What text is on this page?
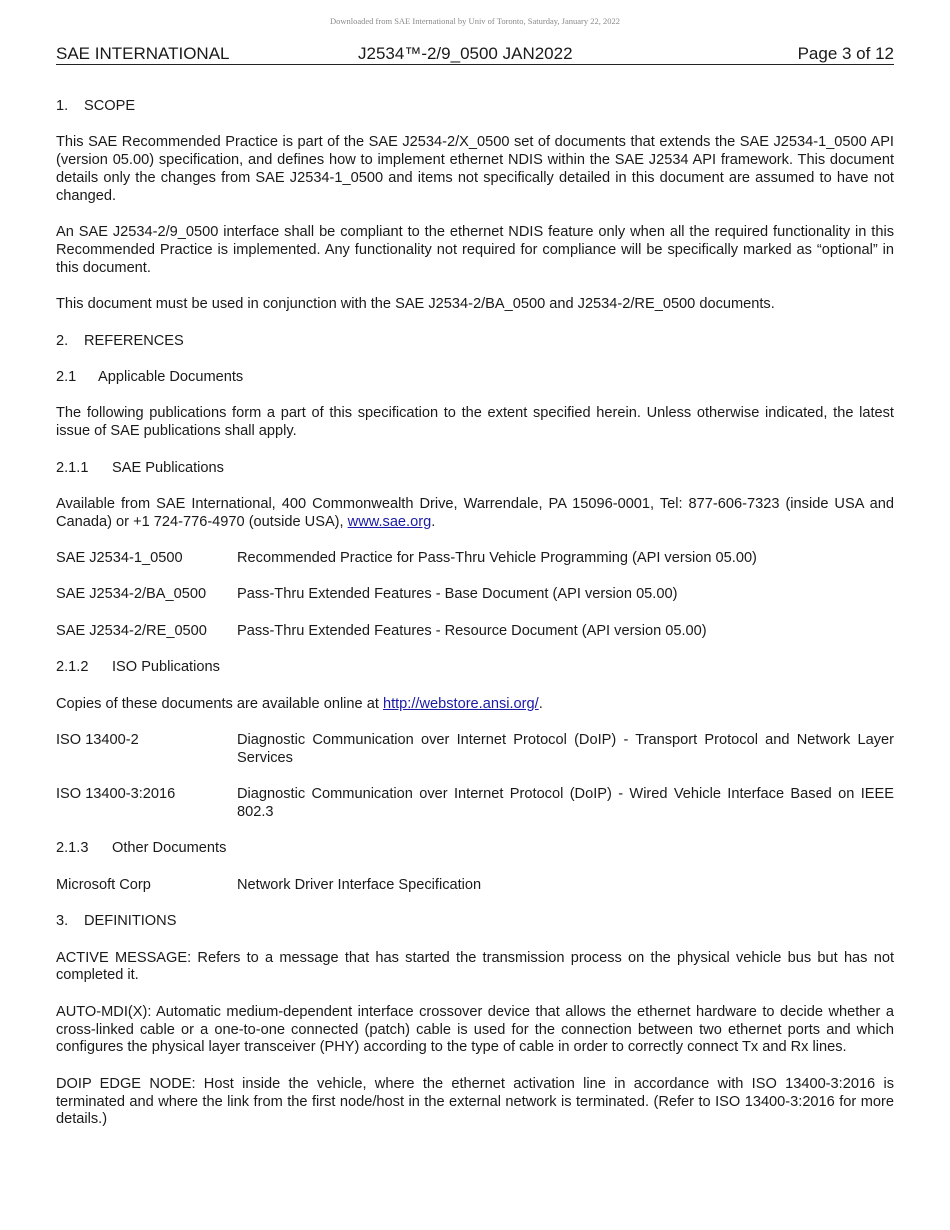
Downloaded from SAE International by Univ of Toronto, Saturday, January 22, 2022
SAE INTERNATIONAL	J2534™-2/9_0500 JAN2022	Page 3 of 12
1. SCOPE

This SAE Recommended Practice is part of the SAE J2534-2/X_0500 set of documents that extends the SAE J2534-1_0500 API (version 05.00) specification, and defines how to implement ethernet NDIS within the SAE J2534 API framework. This document details only the changes from SAE J2534-1_0500 and items not specifically detailed in this document are assumed to have not changed.

An SAE J2534-2/9_0500 interface shall be compliant to the ethernet NDIS feature only when all the required functionality in this Recommended Practice is implemented. Any functionality not required for compliance will be specifically marked as “optional” in this document.

This document must be used in conjunction with the SAE J2534-2/BA_0500 and J2534-2/RE_0500 documents.

2. REFERENCES
2.1 Applicable Documents

The following publications form a part of this specification to the extent specified herein. Unless otherwise indicated, the latest issue of SAE publications shall apply.

2.1.1 SAE Publications

Available from SAE International, 400 Commonwealth Drive, Warrendale, PA 15096-0001, Tel: 877-606-7323 (inside USA and Canada) or +1 724-776-4970 (outside USA), www.sae.org.

SAE J2534-1_0500	Recommended Practice for Pass-Thru Vehicle Programming (API version 05.00)
SAE J2534-2/BA_0500	Pass-Thru Extended Features - Base Document (API version 05.00)
SAE J2534-2/RE_0500	Pass-Thru Extended Features - Resource Document (API version 05.00)
2.1.2 ISO Publications

Copies of these documents are available online at http://webstore.ansi.org/.

ISO 13400-2	Diagnostic Communication over Internet Protocol (DoIP) - Transport Protocol and Network Layer Services
ISO 13400-3:2016	Diagnostic Communication over Internet Protocol (DoIP) - Wired Vehicle Interface Based on IEEE 802.3
2.1.3 Other Documents
Microsoft Corp	Network Driver Interface Specification
3. DEFINITIONS

ACTIVE MESSAGE: Refers to a message that has started the transmission process on the physical vehicle bus but has not completed it.

AUTO-MDI(X): Automatic medium-dependent interface crossover device that allows the ethernet hardware to decide whether a cross-linked cable or a one-to-one connected (patch) cable is used for the connection between two ethernet ports and which configures the physical layer transceiver (PHY) according to the type of cable in order to correctly connect Tx and Rx lines.

DOIP EDGE NODE: Host inside the vehicle, where the ethernet activation line in accordance with ISO 13400-3:2016 is terminated and where the link from the first node/host in the external network is terminated. (Refer to ISO 13400-3:2016 for more details.)
